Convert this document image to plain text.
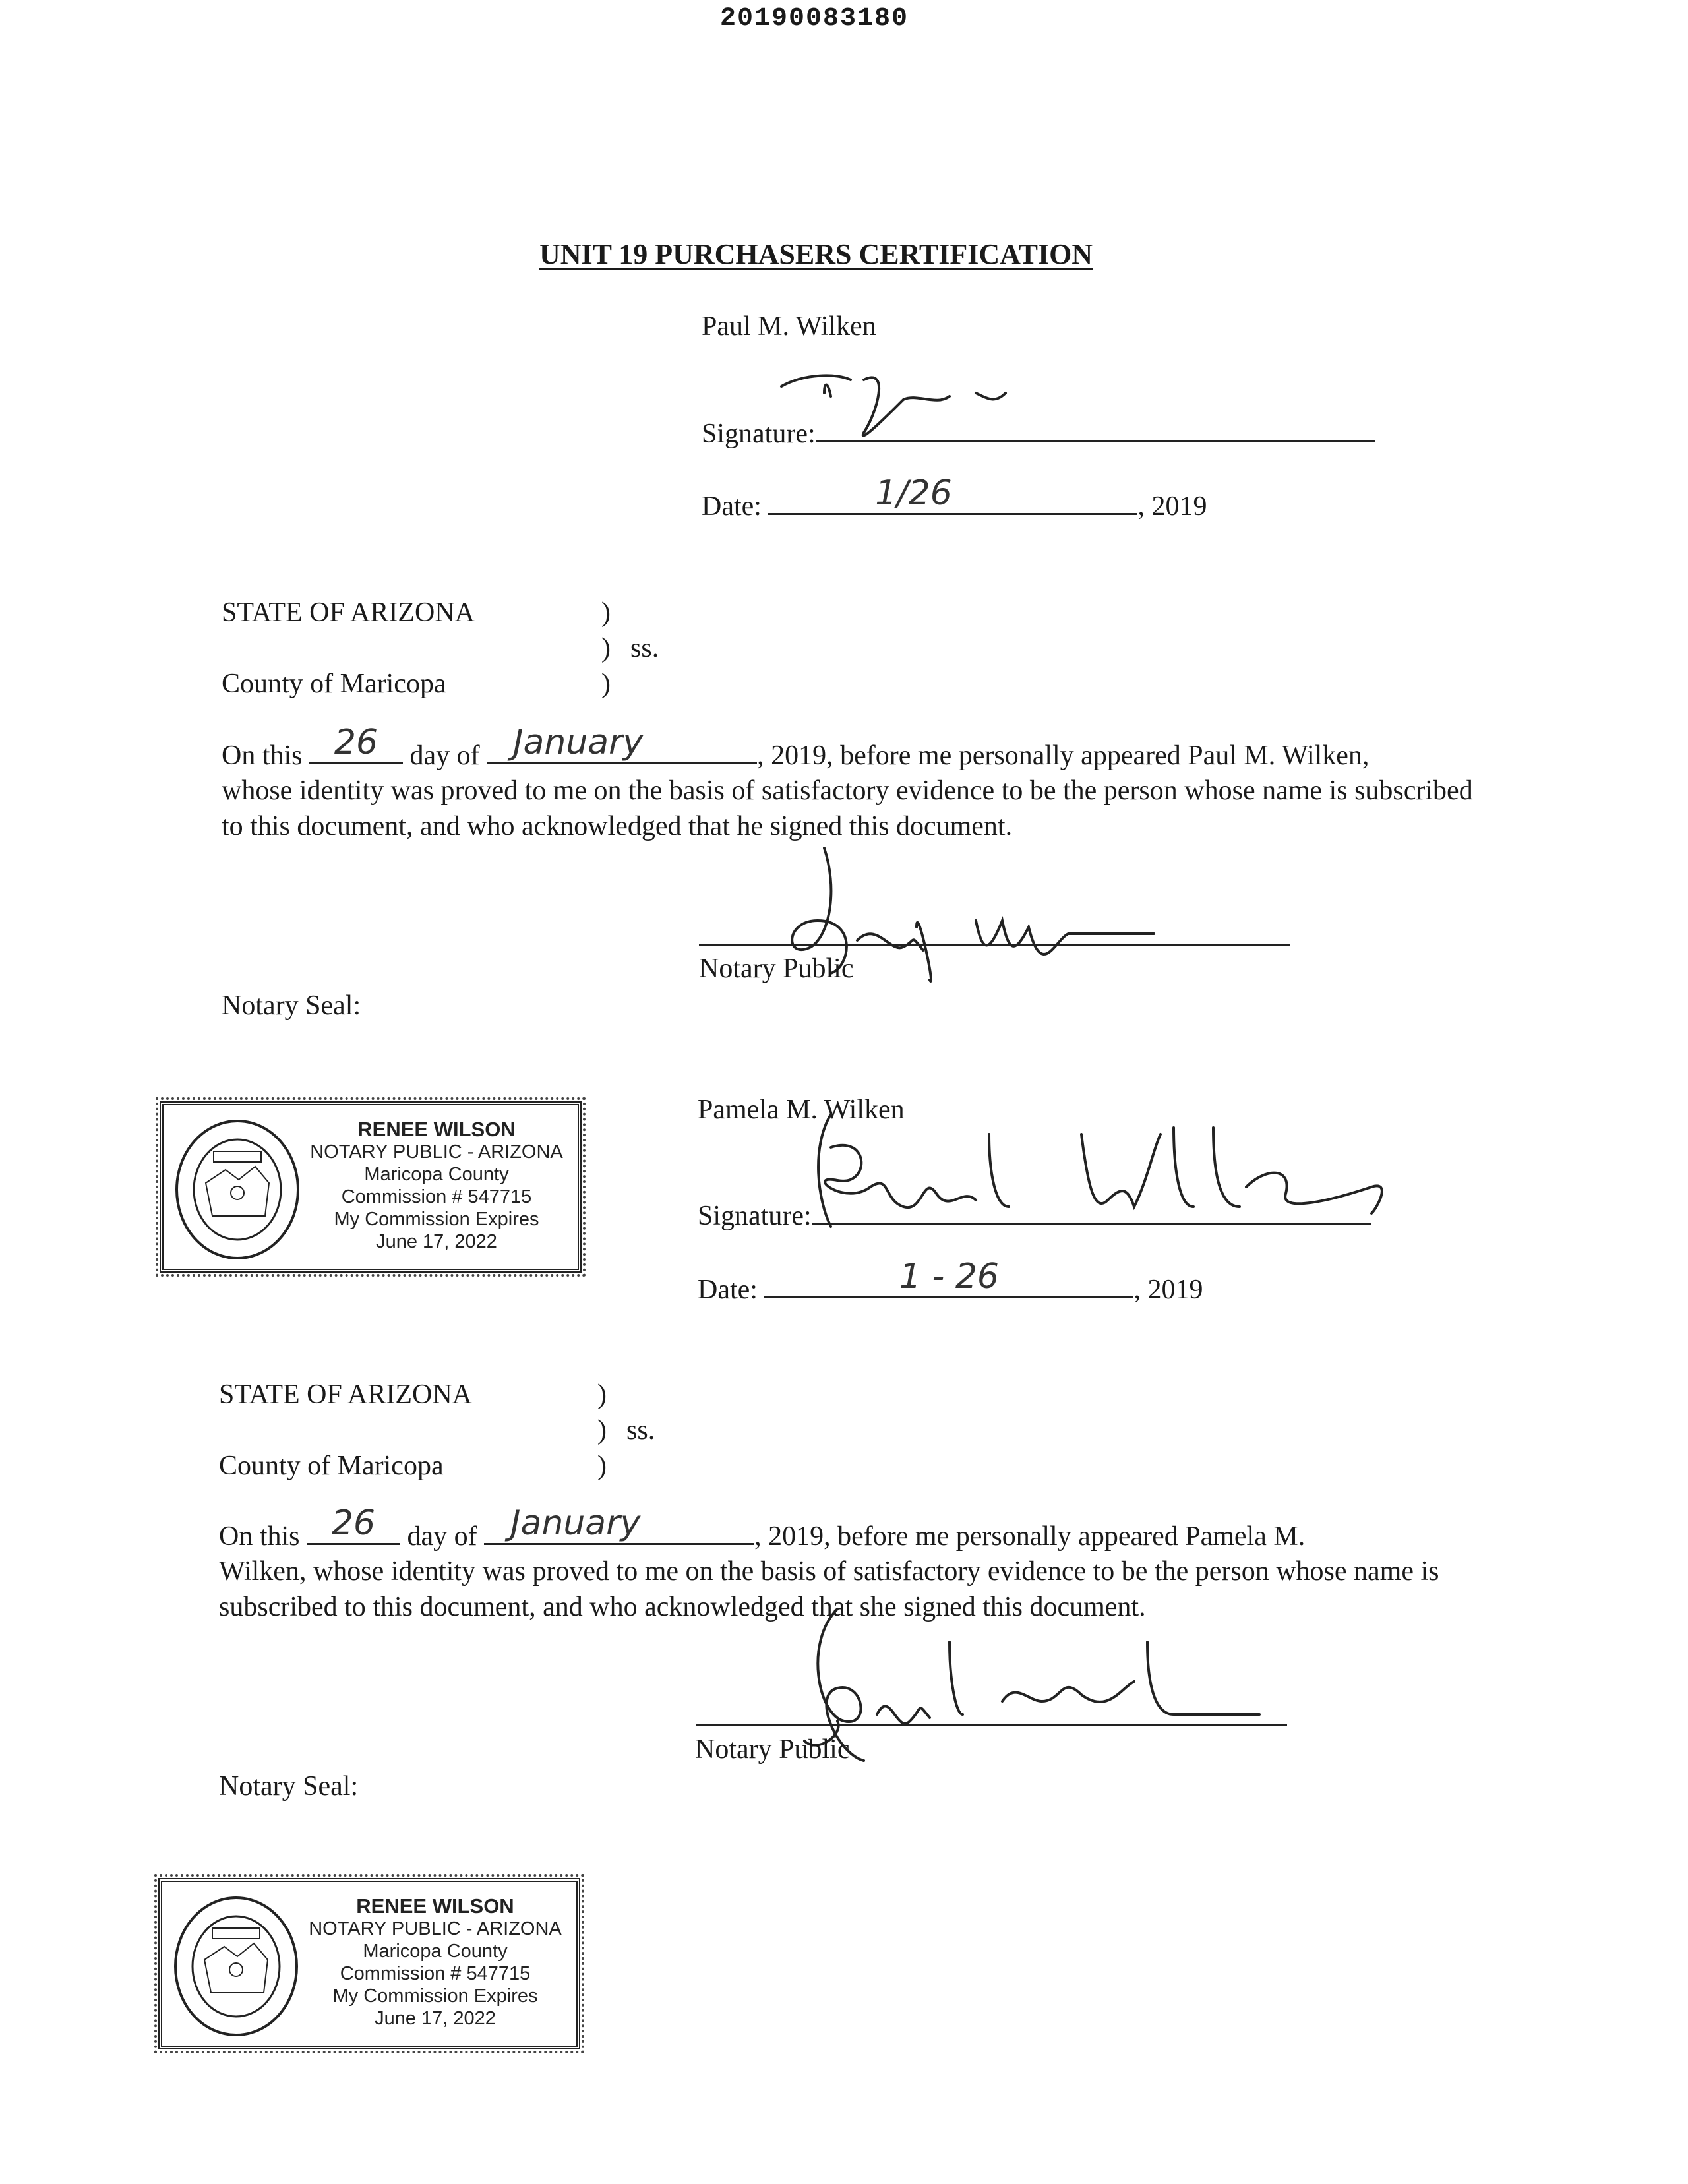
20190083180
UNIT 19 PURCHASERS CERTIFICATION
Paul M. Wilken
Signature:
Date:	1/26	, 2019
STATE OF ARIZONA	)
) ss.
)
County of Maricopa
On this 26	day of January	, 2019, before me personally appeared Paul M. Wilken,
whose identity was proved to me on the basis of satisfactory evidence to be the person whose name is subscribed to this document, and who acknowledged that he signed this document.
Notary Public
Notary Seal:
RENEE WILSON
NOTARY PUBLIC - ARIZONA
Maricopa County
Commission # 547715
My Commission Expires
June 17, 2022
Pamela M. Wilken
Signature:
Date:	1 - 26	, 2019
STATE OF ARIZONA	)
) ss.
)
County of Maricopa
On this 26	day of January	, 2019, before me personally appeared Pamela M.
Wilken, whose identity was proved to me on the basis of satisfactory evidence to be the person whose name is subscribed to this document, and who acknowledged that she signed this document.
Notary Public
Notary Seal:
RENEE WILSON
NOTARY PUBLIC - ARIZONA
Maricopa County
Commission # 547715
My Commission Expires
June 17, 2022
